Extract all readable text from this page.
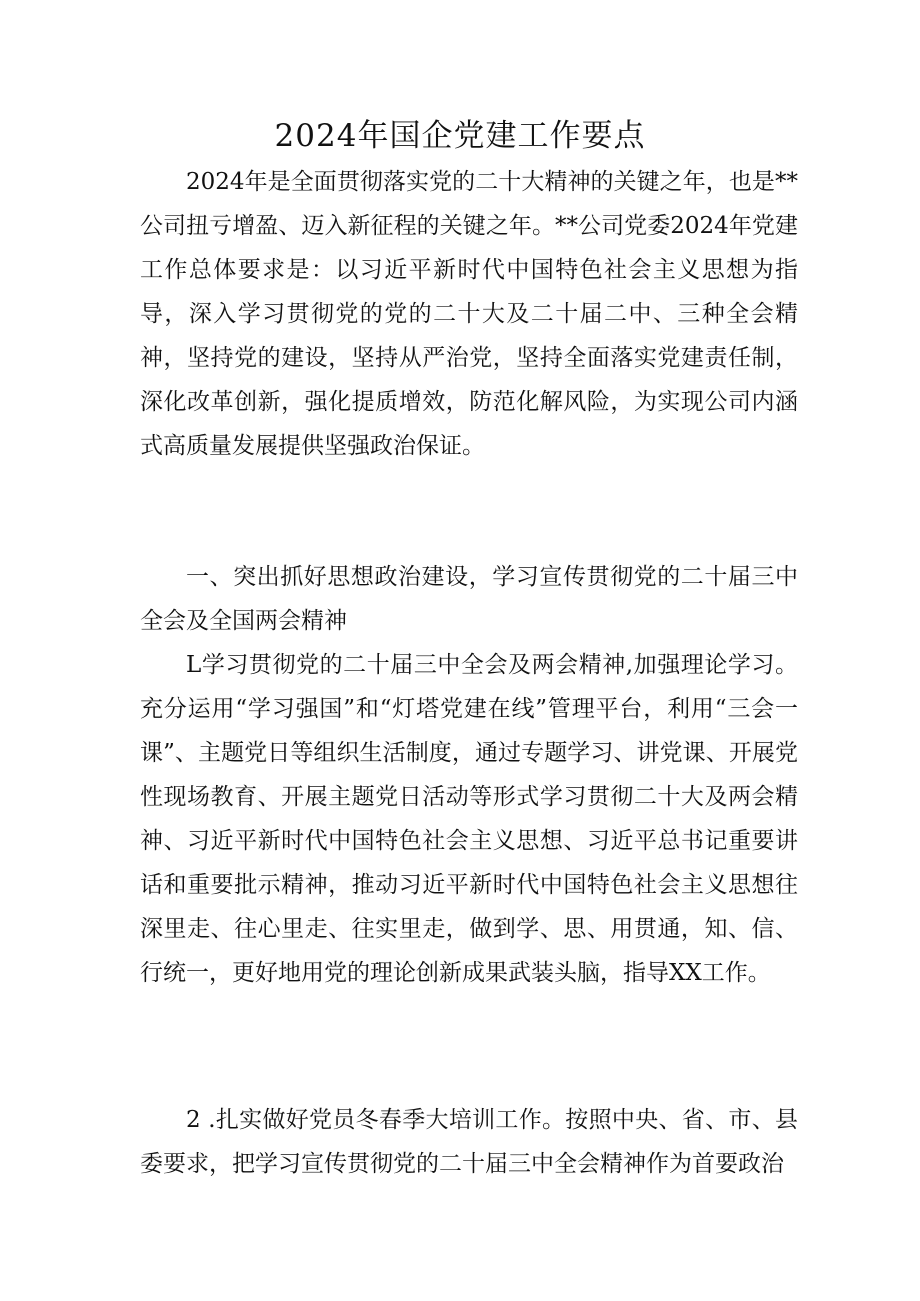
2024年国企党建工作要点

2024年是全面贯彻落实党的二十大精神的关键之年，也是**公司扭亏增盈、迈入新征程的关键之年。**公司党委2024年党建工作总体要求是：以习近平新时代中国特色社会主义思想为指导，深入学习贯彻党的党的二十大及二十届二中、三种全会精神，坚持党的建设，坚持从严治党，坚持全面落实党建责任制，深化改革创新，强化提质增效，防范化解风险，为实现公司内涵式高质量发展提供坚强政治保证。

一、突出抓好思想政治建设，学习宣传贯彻党的二十届三中全会及全国两会精神

L学习贯彻党的二十届三中全会及两会精神,加强理论学习。充分运用“学习强国”和“灯塔党建在线”管理平台，利用“三会一课”、主题党日等组织生活制度，通过专题学习、讲党课、开展党性现场教育、开展主题党日活动等形式学习贯彻二十大及两会精神、习近平新时代中国特色社会主义思想、习近平总书记重要讲话和重要批示精神，推动习近平新时代中国特色社会主义思想往深里走、往心里走、往实里走，做到学、思、用贯通，知、信、行统一，更好地用党的理论创新成果武装头脑，指导XX工作。

2 .扎实做好党员冬春季大培训工作。按照中央、省、市、县委要求，把学习宣传贯彻党的二十届三中全会精神作为首要政治
